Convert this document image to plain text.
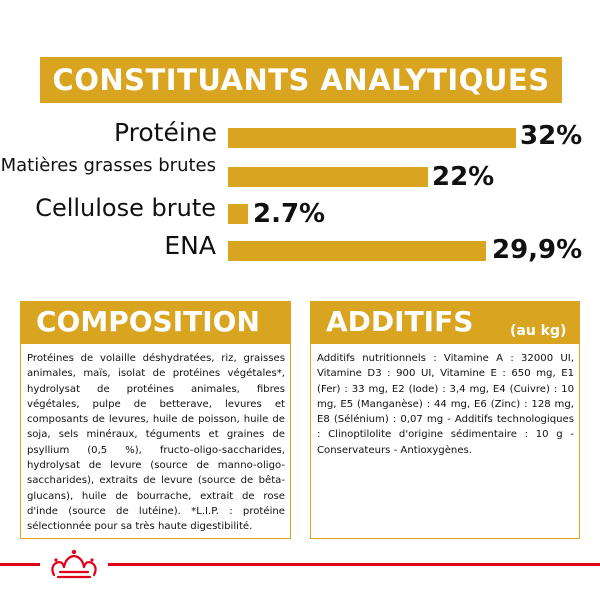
CONSTITUANTS ANALYTIQUES
Protéine	32%
Matières grasses brutes	22%
Cellulose brute 2.7%
ENA	29,9%
COMPOSITION

Protéines de volaille déshydratées, riz, graisses animales, maïs, isolat de protéines végétales*, hydrolysat de protéines animales, fibres végétales, pulpe de betterave, levures et composants de levures, huile de poisson, huile de soja, sels minéraux, téguments et graines de psyllium (0,5 %), fructo-oligo-saccharides, hydrolysat de levure (source de manno-oligo-saccharides), extraits de levure (source de bêta-glucans), huile de bourrache, extrait de rose d'inde (source de lutéine). *L.I.P. : protéine sélectionnée pour sa très haute digestibilité.

ADDITIFS	(au kg)

Additifs nutritionnels : Vitamine A : 32000 UI, Vitamine D3 : 900 UI, Vitamine E : 650 mg, E1 (Fer) : 33 mg, E2 (Iode) : 3,4 mg, E4 (Cuivre) : 10 mg, E5 (Manganèse) : 44 mg, E6 (Zinc) : 128 mg, E8 (Sélénium) : 0,07 mg - Additifs technologiques : Clinoptilolite d'origine sédimentaire : 10 g - Conservateurs - Antioxygènes.
